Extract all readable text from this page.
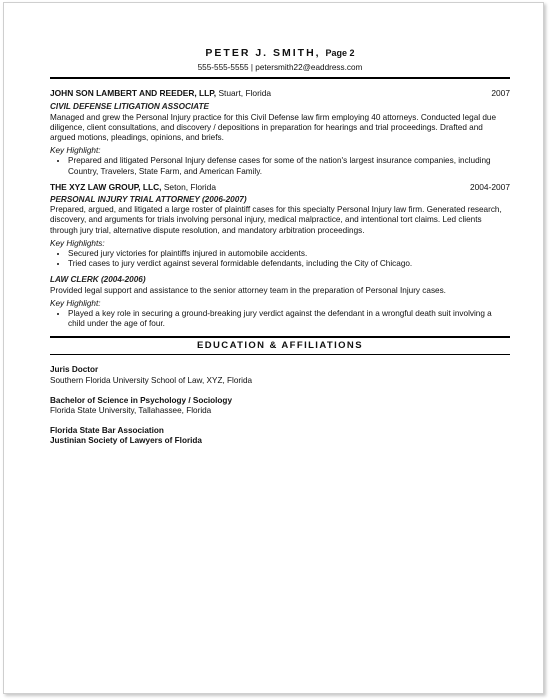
PETER J. SMITH, Page 2
555-555-5555 | petersmith22@eaddress.com
JOHN SON LAMBERT AND REEDER, LLP, Stuart, Florida	2007
CIVIL DEFENSE LITIGATION ASSOCIATE
Managed and grew the Personal Injury practice for this Civil Defense law firm employing 40 attorneys. Conducted legal due diligence, client consultations, and discovery / depositions in preparation for hearings and trial proceedings. Drafted and argued motions, pleadings, opinions, and briefs.
Key Highlight:
• Prepared and litigated Personal Injury defense cases for some of the nation's largest insurance companies, including Country, Travelers, State Farm, and American Family.
THE XYZ LAW GROUP, LLC, Seton, Florida	2004-2007
PERSONAL INJURY TRIAL ATTORNEY (2006-2007)
Prepared, argued, and litigated a large roster of plaintiff cases for this specialty Personal Injury law firm. Generated research, discovery, and arguments for trials involving personal injury, medical malpractice, and intentional tort claims. Led clients through jury trial, alternative dispute resolution, and mandatory arbitration proceedings.
Key Highlights:
• Secured jury victories for plaintiffs injured in automobile accidents.
• Tried cases to jury verdict against several formidable defendants, including the City of Chicago.
LAW CLERK (2004-2006)
Provided legal support and assistance to the senior attorney team in the preparation of Personal Injury cases.
Key Highlight:
• Played a key role in securing a ground-breaking jury verdict against the defendant in a wrongful death suit involving a child under the age of four.
EDUCATION & AFFILIATIONS
Juris Doctor
Southern Florida University School of Law, XYZ, Florida
Bachelor of Science in Psychology / Sociology
Florida State University, Tallahassee, Florida
Florida State Bar Association
Justinian Society of Lawyers of Florida
